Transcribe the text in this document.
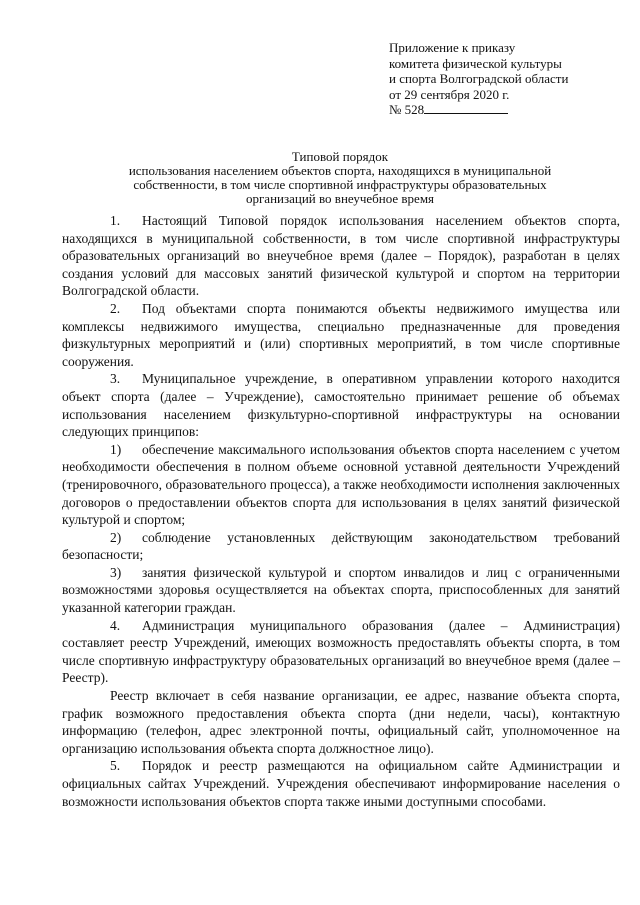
Приложение к приказу
комитета физической культуры
и спорта Волгоградской области
от 29 сентября 2020 г.
№ 528
Типовой порядок
использования населением объектов спорта, находящихся в муниципальной
собственности, в том числе спортивной инфраструктуры образовательных
организаций во внеучебное время

1. Настоящий Типовой порядок использования населением объектов спорта, находящихся в муниципальной собственности, в том числе спортивной инфраструктуры образовательных организаций во внеучебное время (далее – Порядок), разработан в целях создания условий для массовых занятий физической культурой и спортом на территории Волгоградской области.

2. Под объектами спорта понимаются объекты недвижимого имущества или комплексы недвижимого имущества, специально предназначенные для проведения физкультурных мероприятий и (или) спортивных мероприятий, в том числе спортивные сооружения.

3. Муниципальное учреждение, в оперативном управлении которого находится объект спорта (далее – Учреждение), самостоятельно принимает решение об объемах использования населением физкультурно-спортивной инфраструктуры на основании следующих принципов:

1) обеспечение максимального использования объектов спорта населением с учетом необходимости обеспечения в полном объеме основной уставной деятельности Учреждений (тренировочного, образовательного процесса), а также необходимости исполнения заключенных договоров о предоставлении объектов спорта для использования в целях занятий физической культурой и спортом;

2) соблюдение установленных действующим законодательством требований безопасности;

3) занятия физической культурой и спортом инвалидов и лиц с ограниченными возможностями здоровья осуществляется на объектах спорта, приспособленных для занятий указанной категории граждан.

4. Администрация муниципального образования (далее – Администрация) составляет реестр Учреждений, имеющих возможность предоставлять объекты спорта, в том числе спортивную инфраструктуру образовательных организаций во внеучебное время (далее – Реестр).

Реестр включает в себя название организации, ее адрес, название объекта спорта, график возможного предоставления объекта спорта (дни недели, часы), контактную информацию (телефон, адрес электронной почты, официальный сайт, уполномоченное на организацию использования объекта спорта должностное лицо).

5. Порядок и реестр размещаются на официальном сайте Администрации и официальных сайтах Учреждений. Учреждения обеспечивают информирование населения о возможности использования объектов спорта также иными доступными способами.
